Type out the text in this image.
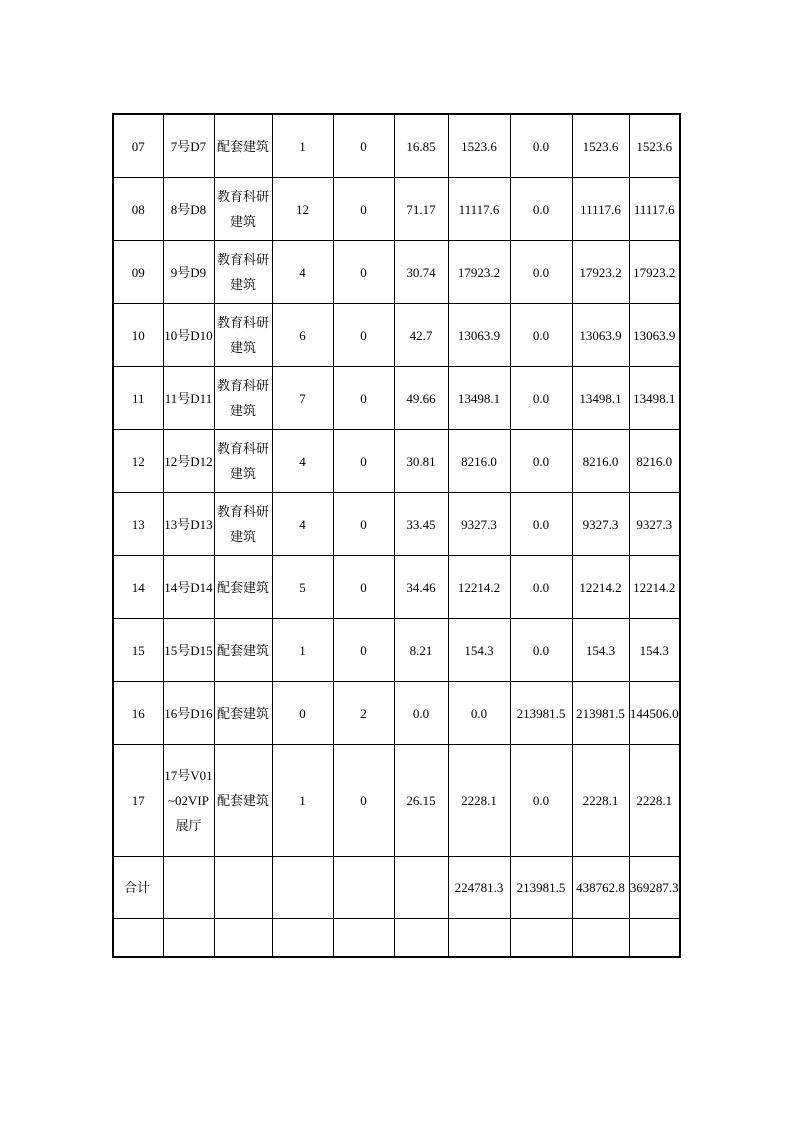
07	7号D7	配套建筑	1	0	16.85	1523.6	0.0	1523.6	1523.6
08	8号D8	教育科研建筑	12	0	71.17	11117.6	0.0	11117.6	11117.6
09	9号D9	教育科研建筑	4	0	30.74	17923.2	0.0	17923.2	17923.2
10	10号D10	教育科研建筑	6	0	42.7	13063.9	0.0	13063.9	13063.9
11	11号D11	教育科研建筑	7	0	49.66	13498.1	0.0	13498.1	13498.1
12	12号D12	教育科研建筑	4	0	30.81	8216.0	0.0	8216.0	8216.0
13	13号D13	教育科研建筑	4	0	33.45	9327.3	0.0	9327.3	9327.3
14	14号D14	配套建筑	5	0	34.46	12214.2	0.0	12214.2	12214.2
15	15号D15	配套建筑	1	0	8.21	154.3	0.0	154.3	154.3
16	16号D16	配套建筑	0	2	0.0	0.0	213981.5	213981.5	144506.0
17	17号V01~02VIP展厅	配套建筑	1	0	26.15	2228.1	0.0	2228.1	2228.1
合计						224781.3	213981.5	438762.8	369287.3
